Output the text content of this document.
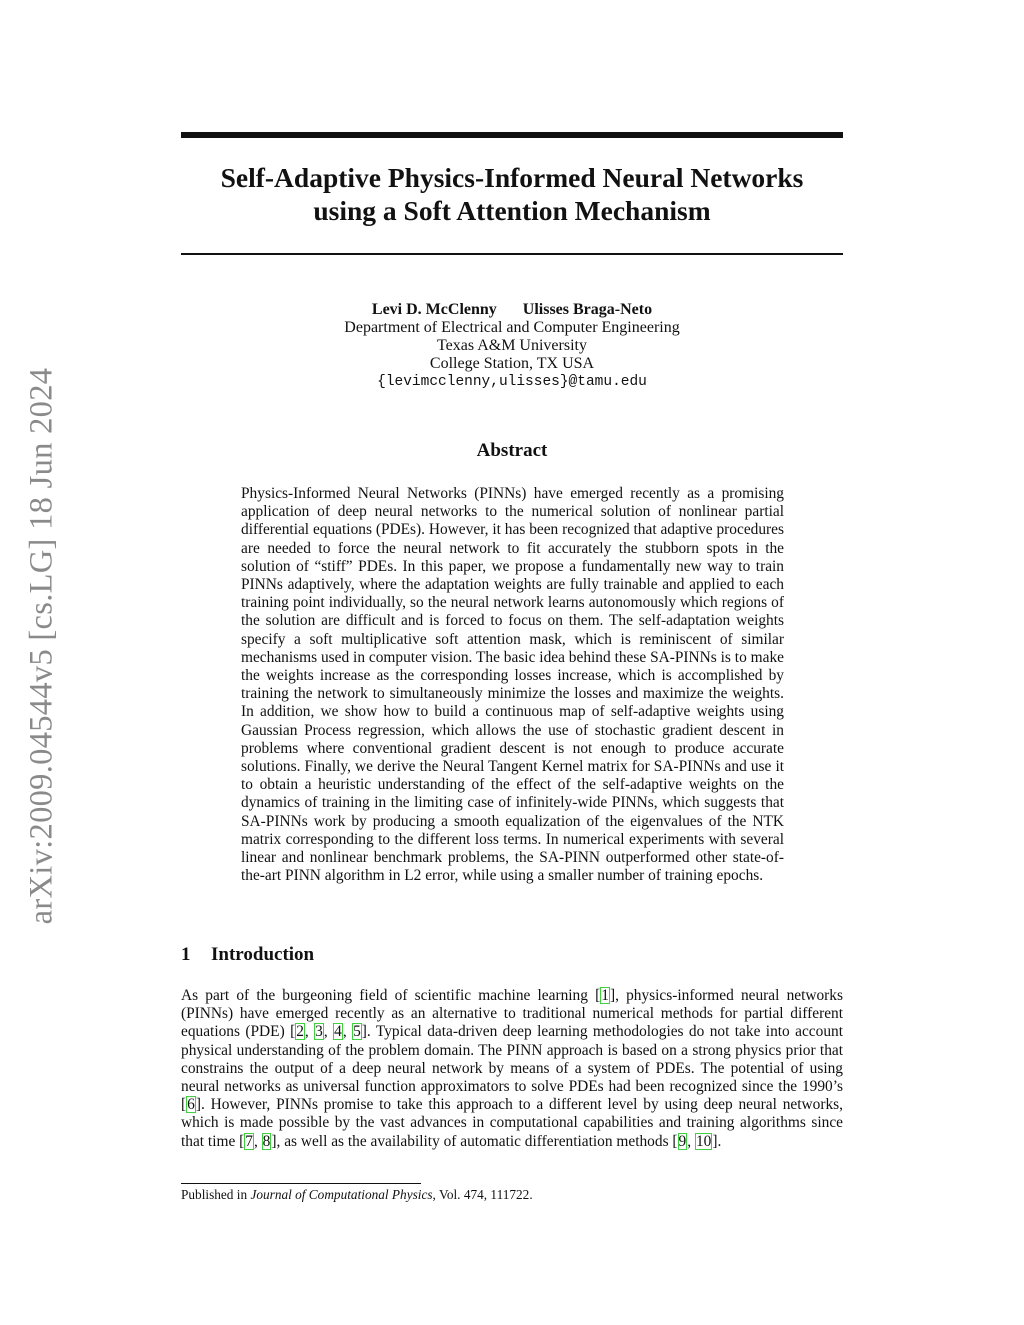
arXiv:2009.04544v5 [cs.LG] 18 Jun 2024
Self-Adaptive Physics-Informed Neural Networks
using a Soft Attention Mechanism
Levi D. McClenny Ulisses Braga-Neto
Department of Electrical and Computer Engineering
Texas A&M University
College Station, TX USA
{levimcclenny,ulisses}@tamu.edu
Abstract
Physics-Informed Neural Networks (PINNs) have emerged recently as a promising application of deep neural networks to the numerical solution of nonlinear partial differential equations (PDEs). However, it has been recognized that adaptive procedures are needed to force the neural network to fit accurately the stubborn spots in the solution of “stiff” PDEs. In this paper, we propose a fundamentally new way to train PINNs adaptively, where the adaptation weights are fully trainable and applied to each training point individually, so the neural network learns autonomously which regions of the solution are difficult and is forced to focus on them. The self-adaptation weights specify a soft multiplicative soft attention mask, which is reminiscent of similar mechanisms used in computer vision. The basic idea behind these SA-PINNs is to make the weights increase as the corresponding losses increase, which is accomplished by training the network to simultaneously minimize the losses and maximize the weights. In addition, we show how to build a continuous map of self-adaptive weights using Gaussian Process regression, which allows the use of stochastic gradient descent in problems where conventional gradient descent is not enough to produce accurate solutions. Finally, we derive the Neural Tangent Kernel matrix for SA-PINNs and use it to obtain a heuristic understanding of the effect of the self-adaptive weights on the dynamics of training in the limiting case of infinitely-wide PINNs, which suggests that SA-PINNs work by producing a smooth equalization of the eigenvalues of the NTK matrix corresponding to the different loss terms. In numerical experiments with several linear and nonlinear benchmark problems, the SA-PINN outperformed other state-of-the-art PINN algorithm in L2 error, while using a smaller number of training epochs.
1 Introduction
As part of the burgeoning field of scientific machine learning [1], physics-informed neural networks (PINNs) have emerged recently as an alternative to traditional numerical methods for partial different equations (PDE) [2, 3, 4, 5]. Typical data-driven deep learning methodologies do not take into account physical understanding of the problem domain. The PINN approach is based on a strong physics prior that constrains the output of a deep neural network by means of a system of PDEs. The potential of using neural networks as universal function approximators to solve PDEs had been recognized since the 1990’s [6]. However, PINNs promise to take this approach to a different level by using deep neural networks, which is made possible by the vast advances in computational capabilities and training algorithms since that time [7, 8], as well as the availability of automatic differentiation methods [9, 10].
Published in Journal of Computational Physics, Vol. 474, 111722.
